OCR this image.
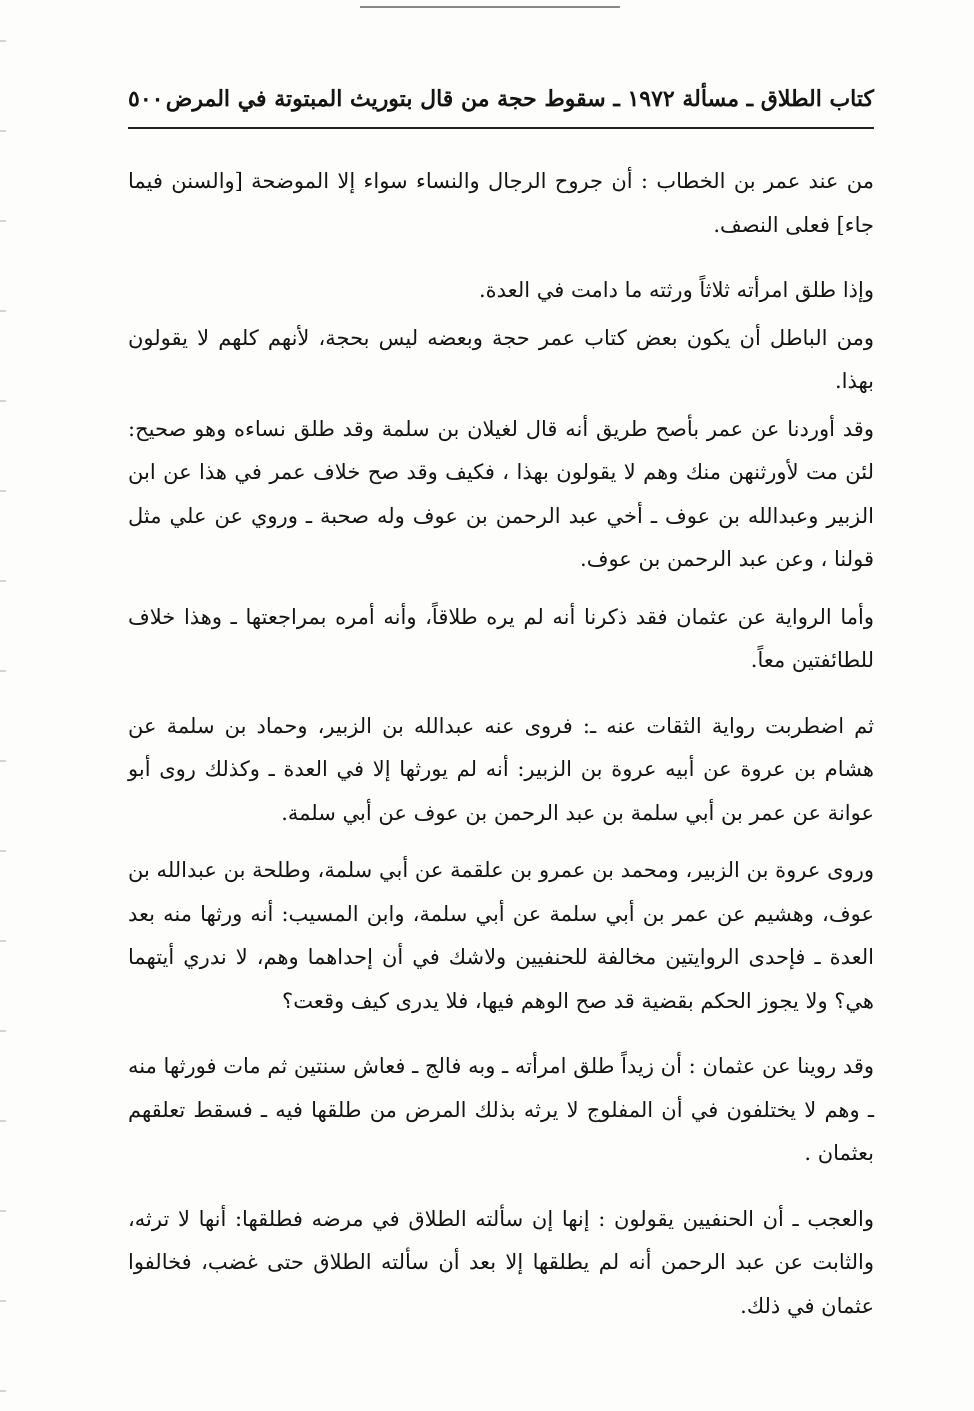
كتاب الطلاق ـ مسألة ١٩٧٢ ـ سقوط حجة من قال بتوريث المبتوتة في المرض
٥٠٠

من عند عمر بن الخطاب : أن جروح الرجال والنساء سواء إلا الموضحة [والسنن فيما جاء] فعلى النصف.

وإذا طلق امرأته ثلاثاً ورثته ما دامت في العدة.

ومن الباطل أن يكون بعض كتاب عمر حجة وبعضه ليس بحجة، لأنهم كلهم لا يقولون بهذا.

وقد أوردنا عن عمر بأصح طريق أنه قال لغيلان بن سلمة وقد طلق نساءه وهو صحيح: لئن مت لأورثنهن منك وهم لا يقولون بهذا ، فكيف وقد صح خلاف عمر في هذا عن ابن الزبير وعبدالله بن عوف ـ أخي عبد الرحمن بن عوف وله صحبة ـ وروي عن علي مثل قولنا ، وعن عبد الرحمن بن عوف.

وأما الرواية عن عثمان فقد ذكرنا أنه لم يره طلاقاً، وأنه أمره بمراجعتها ـ وهذا خلاف للطائفتين معاً.

ثم اضطربت رواية الثقات عنه ـ: فروى عنه عبدالله بن الزبير، وحماد بن سلمة عن هشام بن عروة عن أبيه عروة بن الزبير: أنه لم يورثها إلا في العدة ـ وكذلك روى أبو عوانة عن عمر بن أبي سلمة بن عبد الرحمن بن عوف عن أبي سلمة.

وروى عروة بن الزبير، ومحمد بن عمرو بن علقمة عن أبي سلمة، وطلحة بن عبدالله بن عوف، وهشيم عن عمر بن أبي سلمة عن أبي سلمة، وابن المسيب: أنه ورثها منه بعد العدة ـ فإحدى الروايتين مخالفة للحنفيين ولاشك في أن إحداهما وهم، لا ندري أيتهما هي؟ ولا يجوز الحكم بقضية قد صح الوهم فيها، فلا يدرى كيف وقعت؟

وقد روينا عن عثمان : أن زيداً طلق امرأته ـ وبه فالج ـ فعاش سنتين ثم مات فورثها منه ـ وهم لا يختلفون في أن المفلوج لا يرثه بذلك المرض من طلقها فيه ـ فسقط تعلقهم بعثمان .

والعجب ـ أن الحنفيين يقولون : إنها إن سألته الطلاق في مرضه فطلقها: أنها لا ترثه، والثابت عن عبد الرحمن أنه لم يطلقها إلا بعد أن سألته الطلاق حتى غضب، فخالفوا عثمان في ذلك.
